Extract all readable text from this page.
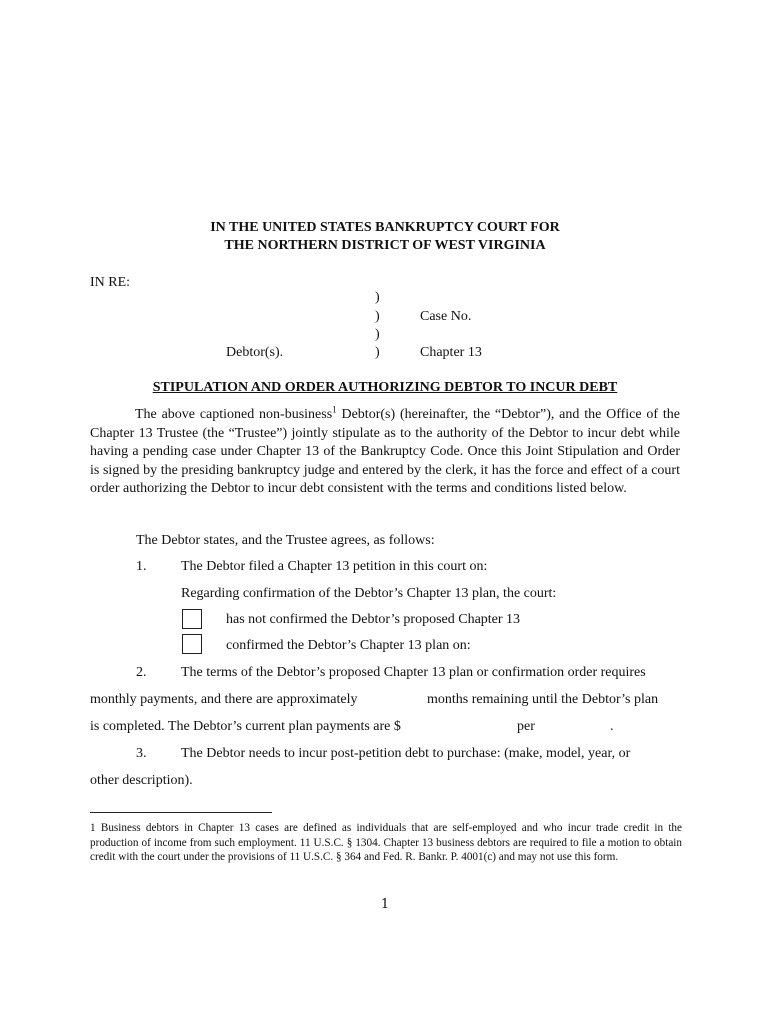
IN THE UNITED STATES BANKRUPTCY COURT FOR
THE NORTHERN DISTRICT OF WEST VIRGINIA
IN RE:
)
)
)
)
Case No.
Debtor(s).	Chapter 13
STIPULATION AND ORDER AUTHORIZING DEBTOR TO INCUR DEBT
The above captioned non-business$^1$ Debtor(s) (hereinafter, the “Debtor”), and the Office of the Chapter 13 Trustee (the “Trustee”) jointly stipulate as to the authority of the Debtor to incur debt while having a pending case under Chapter 13 of the Bankruptcy Code. Once this Joint Stipulation and Order is signed by the presiding bankruptcy judge and entered by the clerk, it has the force and effect of a court order authorizing the Debtor to incur debt consistent with the terms and conditions listed below.
The Debtor states, and the Trustee agrees, as follows:
1. The Debtor filed a Chapter 13 petition in this court on:
Regarding confirmation of the Debtor’s Chapter 13 plan, the court:
has not confirmed the Debtor’s proposed Chapter 13
confirmed the Debtor’s Chapter 13 plan on:
2. The terms of the Debtor’s proposed Chapter 13 plan or confirmation order requires
monthly payments, and there are approximately	months remaining until the Debtor’s plan
is completed. The Debtor’s current plan payments are $	per	.
3. The Debtor needs to incur post-petition debt to purchase: (make, model, year, or
other description).
1 Business debtors in Chapter 13 cases are defined as individuals that are self-employed and who incur trade credit in the production of income from such employment. 11 U.S.C. § 1304. Chapter 13 business debtors are required to file a motion to obtain credit with the court under the provisions of 11 U.S.C. § 364 and Fed. R. Bankr. P. 4001(c) and may not use this form.
1
